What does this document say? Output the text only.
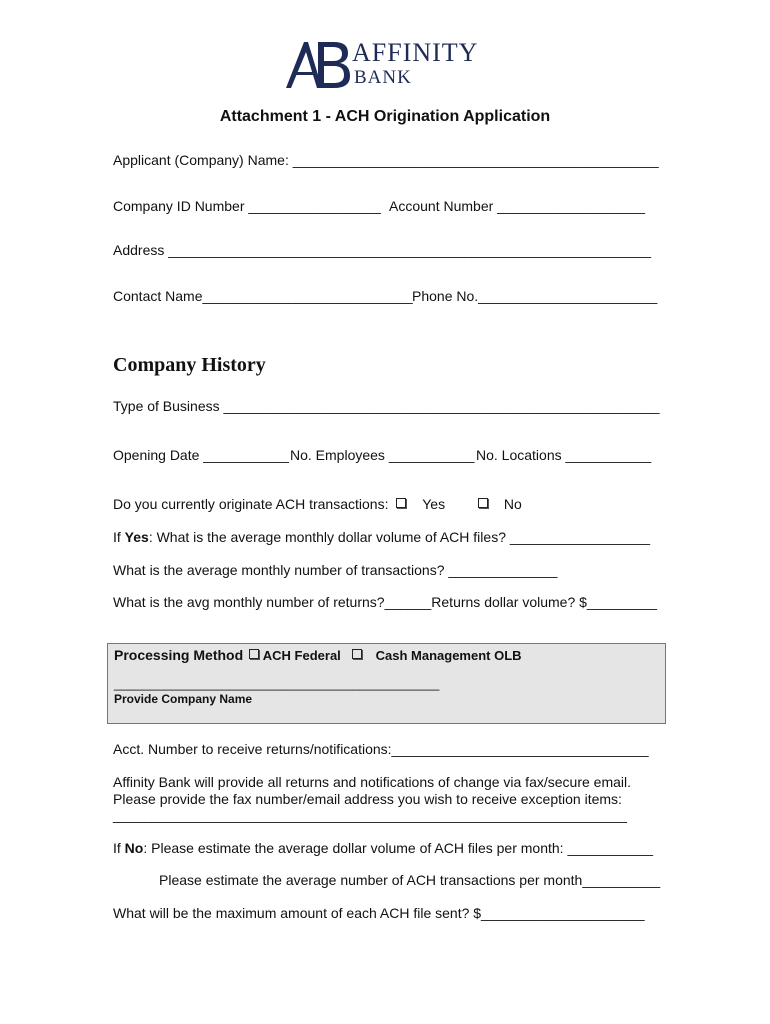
AFFINITY
BANK
Attachment 1 - ACH Origination Application
Applicant (Company) Name: _______________________________________________
Company ID Number _________________ Account Number ___________________
Address ______________________________________________________________
Contact Name___________________________ Phone No._______________________
Company History
Type of Business ________________________________________________________
Opening Date ___________ No. Employees ___________ No. Locations ___________
Do you currently originate ACH transactions: Yes	No
If Yes: What is the average monthly dollar volume of ACH files? __________________
What is the average monthly number of transactions? ______________
What is the avg monthly number of returns?______Returns dollar volume? $_________
Processing Method ACH Federal	Cash Management OLB
_____________________________________________
Provide Company Name
Acct. Number to receive returns/notifications:_________________________________
Affinity Bank will provide all returns and notifications of change via fax/secure email.
Please provide the fax number/email address you wish to receive exception items:
__________________________________________________________________
If No: Please estimate the average dollar volume of ACH files per month: ___________
Please estimate the average number of ACH transactions per month__________
What will be the maximum amount of each ACH file sent? $_____________________
